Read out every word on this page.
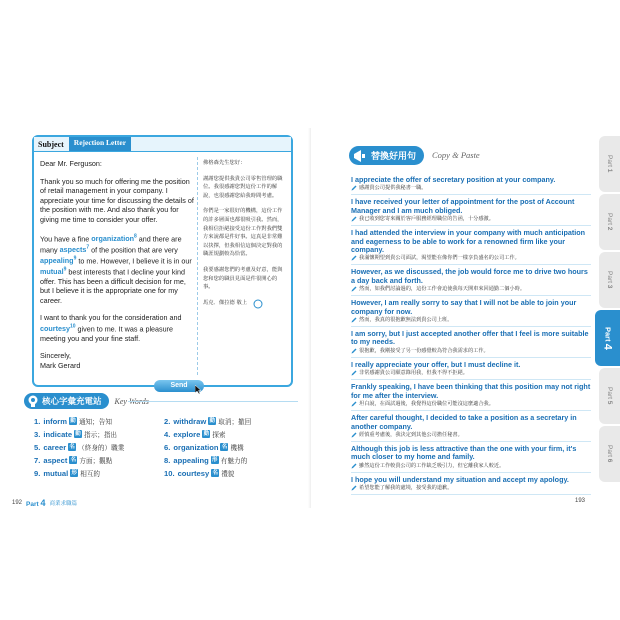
Subject	Rejection Letter

Dear Mr. Ferguson:

Thank you so much for offering me the position of retail management in your company. I appreciate your time for discussing the details of the position with me. And also thank you for giving me time to consider your offer.

You have a fine organization$^8$ and there are many aspects$^7$ of the position that are very appealing$^9$ to me. However, I believe it is in our mutual$^9$ best interests that I decline your kind offer. This has been a difficult decision for me, but I believe it is the appropriate one for my career.

I want to thank you for the consideration and courtesy$^{10}$ given to me. It was a pleasure meeting you and your fine staff.

Sincerely,

Mark Gerard

佛格森先生您好：

謝謝您提供我貴公司零售管理的職位。我很感謝您對這份工作的解說，也很感謝您給我時間考慮。

你們是一家很好的機構，這份工作的許多層面也都很吸引我。然而，我相信拒絕接受這份工作對我們雙方來說都是件好事。這真是非常難以抉擇，但我相信這個決定對我的職涯規劃較為恰當。

我要感謝您們的考慮及好意，能與您和您的職員見面是件很開心的事。

馬克．傑拉德 敬上

Send
核心字彙充電站	Key Words
1. inform 動 通知；告知	2. withdraw 動 取消；撤回
3. indicate 動 指示；指出	4. explore 動 探索
5. career 名 （終身的）職業	6. organization 名 機構
7. aspect 名 方面；觀點	8. appealing 形 有魅力的
9. mutual 形 相互的	10. courtesy 名 禮貌
192 Part 4 商業求職篇
替換好用句	Copy & Paste
I appreciate the offer of secretary position at your company.
感謝貴公司提供我秘書一職。
I have received your letter of appointment for the post of Account Manager and I am much obliged.
我已收到您寄來關於客戶服務經理職位的告函，十分感激。
I had attended the interview in your company with much anticipation and eagerness to be able to work for a renowned firm like your company.
我滿懷期望到貴公司面試，渴望能在像你們一樣享負盛名的公司工作。
However, as we discussed, the job would force me to drive two hours a day back and forth.
然而，如我們討論過的，這份工作會迫使我每天開車來回通勤二個小時。
However, I am really sorry to say that I will not be able to join your company for now.
然而，我真的很抱歉無法到貴公司上班。
I am sorry, but I just accepted another offer that I feel is more suitable to my needs.
很抱歉，我剛接受了另一份感覺較為符合我需求的工作。
I really appreciate your offer, but I must decline it.
非常感謝貴公司願意錄用我，但我不得不拒絕。
Frankly speaking, I have been thinking that this position may not right for me after the interview.
坦白說，在面試過後，我覺得這份職位可能沒這麼適合我。
After careful thought, I decided to take a position as a secretary in another company.
經慎重考慮後，我決定到其他公司擔任秘書。
Although this job is less attractive than the one with your firm, it's much closer to my home and family.
雖然這份工作較貴公司的工作缺乏吸引力，但它離我家人較近。
I hope you will understand my situation and accept my apology.
希望您能了解我的處境，接受我的道歉。
193
Part 1
Part 2
Part 3
Part 4
Part 5
Part 6
